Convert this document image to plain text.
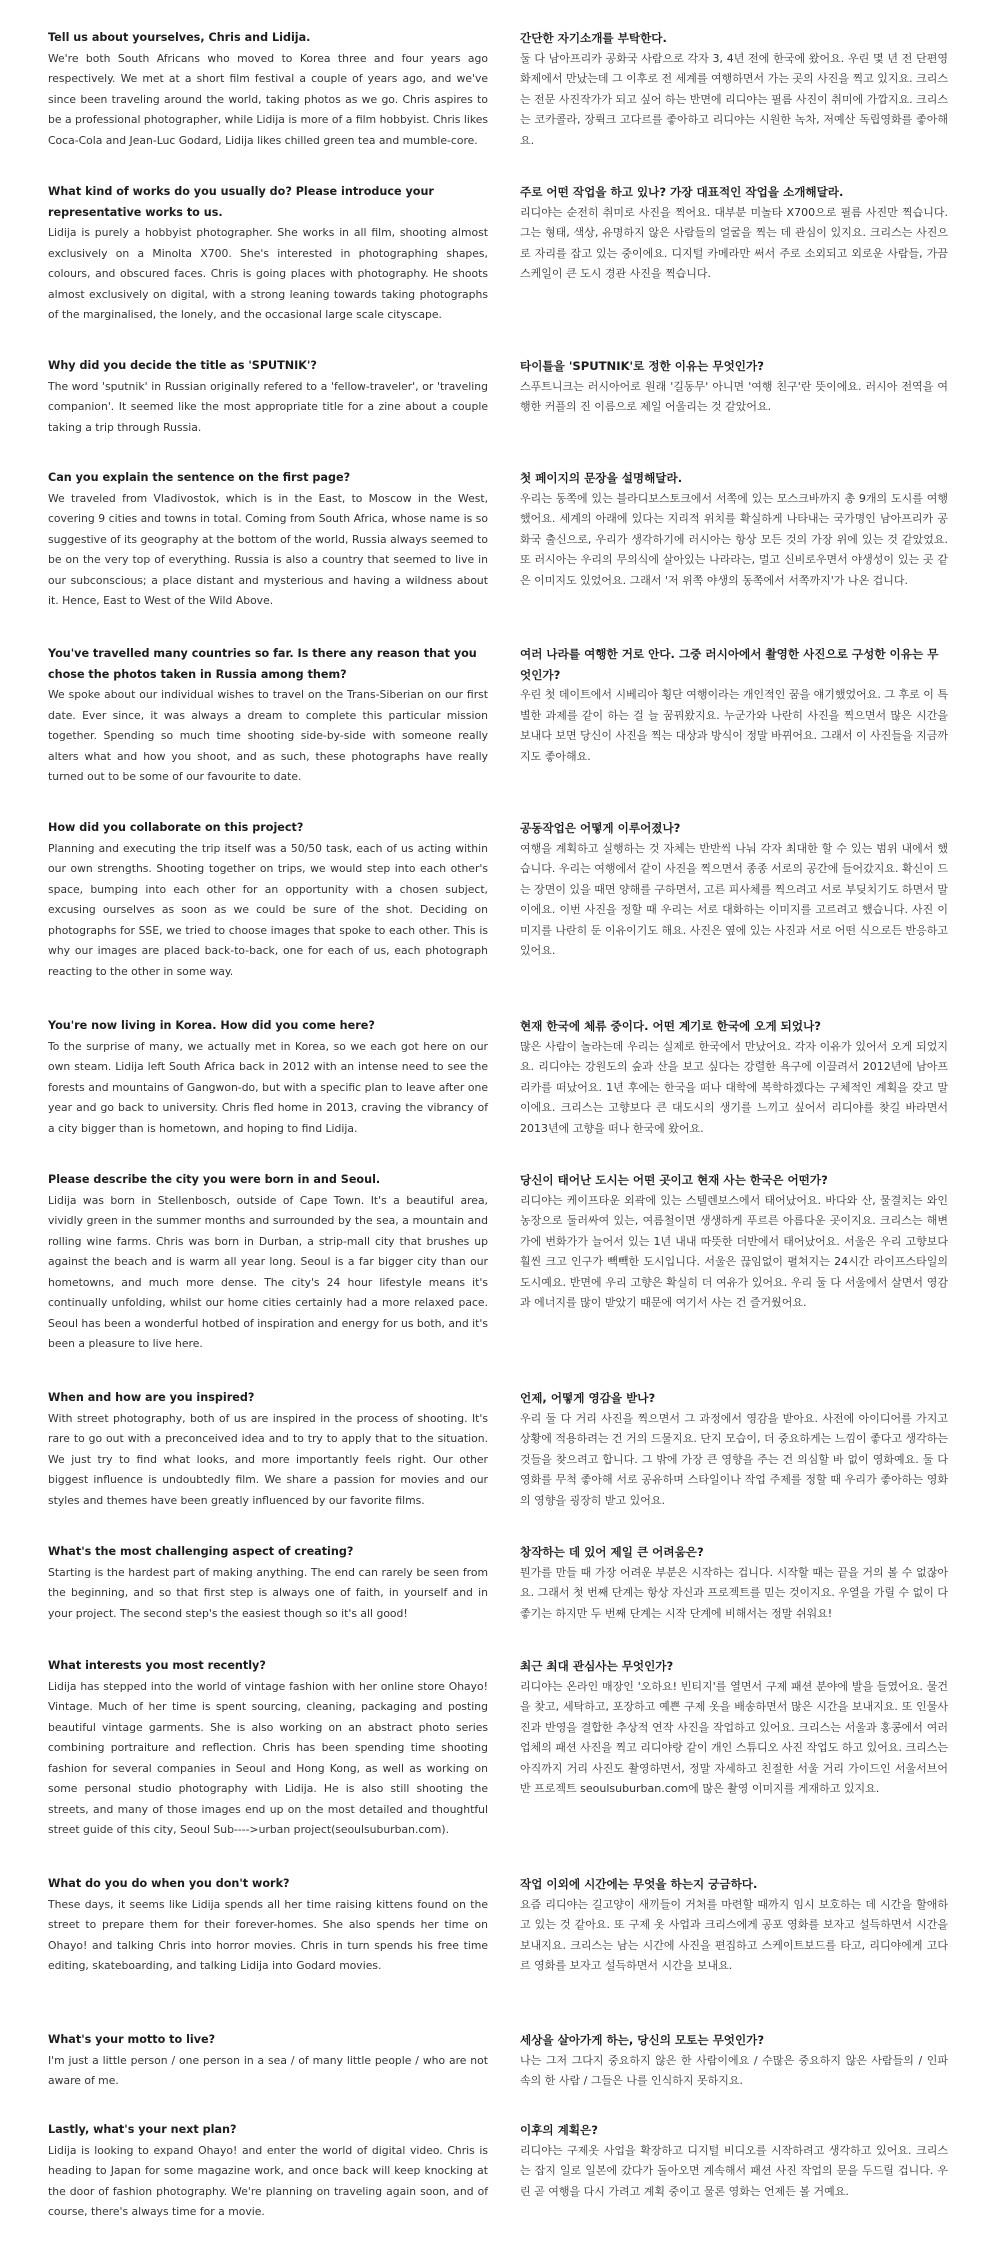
Tell us about yourselves, Chris and Lidija.

We're both South Africans who moved to Korea three and four years ago respectively. We met at a short film festival a couple of years ago, and we've since been traveling around the world, taking photos as we go. Chris aspires to be a professional photographer, while Lidija is more of a film hobbyist. Chris likes Coca-Cola and Jean-Luc Godard, Lidija likes chilled green tea and mumble-core.

What kind of works do you usually do? Please introduce your representative works to us.

Lidija is purely a hobbyist photographer. She works in all film, shooting almost exclusively on a Minolta X700. She's interested in photographing shapes, colours, and obscured faces. Chris is going places with photography. He shoots almost exclusively on digital, with a strong leaning towards taking photographs of the marginalised, the lonely, and the occasional large scale cityscape.

Why did you decide the title as 'SPUTNIK'?

The word 'sputnik' in Russian originally refered to a 'fellow-traveler', or 'traveling companion'. It seemed like the most appropriate title for a zine about a couple taking a trip through Russia.

Can you explain the sentence on the first page?

We traveled from Vladivostok, which is in the East, to Moscow in the West, covering 9 cities and towns in total. Coming from South Africa, whose name is so suggestive of its geography at the bottom of the world, Russia always seemed to be on the very top of everything. Russia is also a country that seemed to live in our subconscious; a place distant and mysterious and having a wildness about it. Hence, East to West of the Wild Above.

You've travelled many countries so far. Is there any reason that you chose the photos taken in Russia among them?

We spoke about our individual wishes to travel on the Trans-Siberian on our first date. Ever since, it was always a dream to complete this particular mission together. Spending so much time shooting side-by-side with someone really alters what and how you shoot, and as such, these photographs have really turned out to be some of our favourite to date.

How did you collaborate on this project?

Planning and executing the trip itself was a 50/50 task, each of us acting within our own strengths. Shooting together on trips, we would step into each other's space, bumping into each other for an opportunity with a chosen subject, excusing ourselves as soon as we could be sure of the shot. Deciding on photographs for SSE, we tried to choose images that spoke to each other. This is why our images are placed back-to-back, one for each of us, each photograph reacting to the other in some way.

You're now living in Korea. How did you come here?

To the surprise of many, we actually met in Korea, so we each got here on our own steam. Lidija left South Africa back in 2012 with an intense need to see the forests and mountains of Gangwon-do, but with a specific plan to leave after one year and go back to university. Chris fled home in 2013, craving the vibrancy of a city bigger than is hometown, and hoping to find Lidija.

Please describe the city you were born in and Seoul.

Lidija was born in Stellenbosch, outside of Cape Town. It's a beautiful area, vividly green in the summer months and surrounded by the sea, a mountain and rolling wine farms. Chris was born in Durban, a strip-mall city that brushes up against the beach and is warm all year long. Seoul is a far bigger city than our hometowns, and much more dense. The city's 24 hour lifestyle means it's continually unfolding, whilst our home cities certainly had a more relaxed pace. Seoul has been a wonderful hotbed of inspiration and energy for us both, and it's been a pleasure to live here.

When and how are you inspired?

With street photography, both of us are inspired in the process of shooting. It's rare to go out with a preconceived idea and to try to apply that to the situation. We just try to find what looks, and more importantly feels right. Our other biggest influence is undoubtedly film. We share a passion for movies and our styles and themes have been greatly influenced by our favorite films.

What's the most challenging aspect of creating?

Starting is the hardest part of making anything. The end can rarely be seen from the beginning, and so that first step is always one of faith, in yourself and in your project. The second step's the easiest though so it's all good!

What interests you most recently?

Lidija has stepped into the world of vintage fashion with her online store Ohayo! Vintage. Much of her time is spent sourcing, cleaning, packaging and posting beautiful vintage garments. She is also working on an abstract photo series combining portraiture and reflection. Chris has been spending time shooting fashion for several companies in Seoul and Hong Kong, as well as working on some personal studio photography with Lidija. He is also still shooting the streets, and many of those images end up on the most detailed and thoughtful street guide of this city, Seoul Sub---->urban project(seoulsuburban.com).

What do you do when you don't work?

These days, it seems like Lidija spends all her time raising kittens found on the street to prepare them for their forever-homes. She also spends her time on Ohayo! and talking Chris into horror movies. Chris in turn spends his free time editing, skateboarding, and talking Lidija into Godard movies.

What's your motto to live?

I'm just a little person / one person in a sea / of many little people / who are not aware of me.

Lastly, what's your next plan?

Lidija is looking to expand Ohayo! and enter the world of digital video. Chris is heading to Japan for some magazine work, and once back will keep knocking at the door of fashion photography. We're planning on traveling again soon, and of course, there's always time for a movie.

간단한 자기소개를 부탁한다.

둘 다 남아프리카 공화국 사람으로 각자 3, 4년 전에 한국에 왔어요. 우린 몇 년 전 단편영화제에서 만났는데 그 이후로 전 세계를 여행하면서 가는 곳의 사진을 찍고 있지요. 크리스는 전문 사진작가가 되고 싶어 하는 반면에 리디야는 필름 사진이 취미에 가깝지요. 크리스는 코카콜라, 장뤽크 고다르를 좋아하고 리디야는 시원한 녹차, 저예산 독립영화를 좋아해요.

주로 어떤 작업을 하고 있나? 가장 대표적인 작업을 소개해달라.

리디야는 순전히 취미로 사진을 찍어요. 대부분 미놀타 X700으로 필름 사진만 찍습니다. 그는 형태, 색상, 유명하지 않은 사람들의 얼굴을 찍는 데 관심이 있지요. 크리스는 사진으로 자리를 잡고 있는 중이에요. 디지털 카메라만 써서 주로 소외되고 외로운 사람들, 가끔 스케일이 큰 도시 경관 사진을 찍습니다.

타이틀을 'SPUTNIK'로 정한 이유는 무엇인가?

스푸트니크는 러시아어로 원래 '길동무' 아니면 '여행 친구'란 뜻이에요. 러시아 전역을 여행한 커플의 진 이름으로 제일 어울리는 것 같았어요.

첫 페이지의 문장을 설명해달라.

우리는 동쪽에 있는 블라디보스토크에서 서쪽에 있는 모스크바까지 총 9개의 도시를 여행했어요. 세계의 아래에 있다는 지리적 위치를 확실하게 나타내는 국가명인 남아프리카 공화국 출신으로, 우리가 생각하기에 러시아는 항상 모든 것의 가장 위에 있는 것 같았었요. 또 러시아는 우리의 무의식에 살아있는 나라라는, 멀고 신비로우면서 야생성이 있는 곳 같은 이미지도 있었어요. 그래서 '저 위쪽 야생의 동쪽에서 서쪽까지'가 나온 겁니다.

여러 나라를 여행한 거로 안다. 그중 러시아에서 촬영한 사진으로 구성한 이유는 무엇인가?

우린 첫 데이트에서 시베리아 횡단 여행이라는 개인적인 꿈을 얘기했었어요. 그 후로 이 특별한 과제를 같이 하는 걸 늘 꿈꿔왔지요. 누군가와 나란히 사진을 찍으면서 많은 시간을 보내다 보면 당신이 사진을 찍는 대상과 방식이 정말 바뀌어요. 그래서 이 사진들을 지금까지도 좋아해요.

공동작업은 어떻게 이루어졌나?

여행을 계획하고 실행하는 것 자체는 반반씩 나눠 각자 최대한 할 수 있는 범위 내에서 했습니다. 우리는 여행에서 같이 사진을 찍으면서 종종 서로의 공간에 들어갔지요. 확신이 드는 장면이 있을 때면 양해를 구하면서, 고른 피사체를 찍으려고 서로 부딪치기도 하면서 말이에요. 이번 사진을 정할 때 우리는 서로 대화하는 이미지를 고르려고 했습니다. 사진 이미지를 나란히 둔 이유이기도 해요. 사진은 옆에 있는 사진과 서로 어떤 식으로든 반응하고 있어요.

현재 한국에 체류 중이다. 어떤 계기로 한국에 오게 되었나?

많은 사람이 놀라는데 우리는 실제로 한국에서 만났어요. 각자 이유가 있어서 오게 되었지요. 리디야는 강원도의 숲과 산을 보고 싶다는 강렬한 욕구에 이끌려서 2012년에 남아프리카를 떠났어요. 1년 후에는 한국을 떠나 대학에 복학하겠다는 구체적인 계획을 갖고 말이에요. 크리스는 고향보다 큰 대도시의 생기를 느끼고 싶어서 리디야를 찾길 바라면서 2013년에 고향을 떠나 한국에 왔어요.

당신이 태어난 도시는 어떤 곳이고 현재 사는 한국은 어떤가?

리디야는 케이프타운 외곽에 있는 스텔렌보스에서 태어났어요. 바다와 산, 물결치는 와인 농장으로 둘러싸여 있는, 여름철이면 생생하게 푸르른 아름다운 곳이지요. 크리스는 해변가에 번화가가 늘어서 있는 1년 내내 따뜻한 더반에서 태어났어요. 서울은 우리 고향보다 훨씬 크고 인구가 빽빽한 도시입니다. 서울은 끊임없이 펼쳐지는 24시간 라이프스타일의 도시예요. 반면에 우리 고향은 확실히 더 여유가 있어요. 우리 둘 다 서울에서 살면서 영감과 에너지를 많이 받았기 때문에 여기서 사는 건 즐거웠어요.

언제, 어떻게 영감을 받나?

우리 둘 다 거리 사진을 찍으면서 그 과정에서 영감을 받아요. 사전에 아이디어를 가지고 상황에 적용하려는 건 거의 드물지요. 단지 모습이, 더 중요하게는 느낌이 좋다고 생각하는 것들을 찾으려고 합니다. 그 밖에 가장 큰 영향을 주는 건 의심할 바 없이 영화예요. 둘 다 영화를 무척 좋아해 서로 공유하며 스타일이나 작업 주제를 정할 때 우리가 좋아하는 영화의 영향을 굉장히 받고 있어요.

창작하는 데 있어 제일 큰 어려움은?

뭔가를 만들 때 가장 어려운 부분은 시작하는 겁니다. 시작할 때는 끝을 거의 볼 수 없잖아요. 그래서 첫 번째 단계는 항상 자신과 프로젝트를 믿는 것이지요. 우열을 가릴 수 없이 다 좋기는 하지만 두 번째 단계는 시작 단계에 비해서는 정말 쉬워요!

최근 최대 관심사는 무엇인가?

리디야는 온라인 매장인 '오하요! 빈티지'를 열면서 구제 패션 분야에 발을 들였어요. 물건을 찾고, 세탁하고, 포장하고 예쁜 구제 옷을 배송하면서 많은 시간을 보내지요. 또 인물사진과 반영을 결합한 추상적 연작 사진을 작업하고 있어요. 크리스는 서울과 홍콩에서 여러 업체의 패션 사진을 찍고 리디야랑 같이 개인 스튜디오 사진 작업도 하고 있어요. 크리스는 아직까지 거리 사진도 촬영하면서, 정말 자세하고 친절한 서울 거리 가이드인 서울서브어반 프로젝트 seoulsuburban.com에 많은 촬영 이미지를 게재하고 있지요.

작업 이외에 시간에는 무엇을 하는지 궁금하다.

요즘 리디야는 길고양이 새끼들이 거처를 마련할 때까지 임시 보호하는 데 시간을 할애하고 있는 것 같아요. 또 구제 옷 사업과 크리스에게 공포 영화를 보자고 설득하면서 시간을 보내지요. 크리스는 남는 시간에 사진을 편집하고 스케이트보드를 타고, 리디야에게 고다르 영화를 보자고 설득하면서 시간을 보내요.

세상을 살아가게 하는, 당신의 모토는 무엇인가?

나는 그저 그다지 중요하지 않은 한 사람이에요 / 수많은 중요하지 않은 사람들의 / 인파 속의 한 사람 / 그들은 나를 인식하지 못하지요.

이후의 계획은?

리디야는 구제옷 사업을 확장하고 디지털 비디오를 시작하려고 생각하고 있어요. 크리스는 잡지 일로 일본에 갔다가 돌아오면 계속해서 패션 사진 작업의 문을 두드릴 겁니다. 우린 곧 여행을 다시 가려고 계획 중이고 물론 영화는 언제든 볼 거예요.
